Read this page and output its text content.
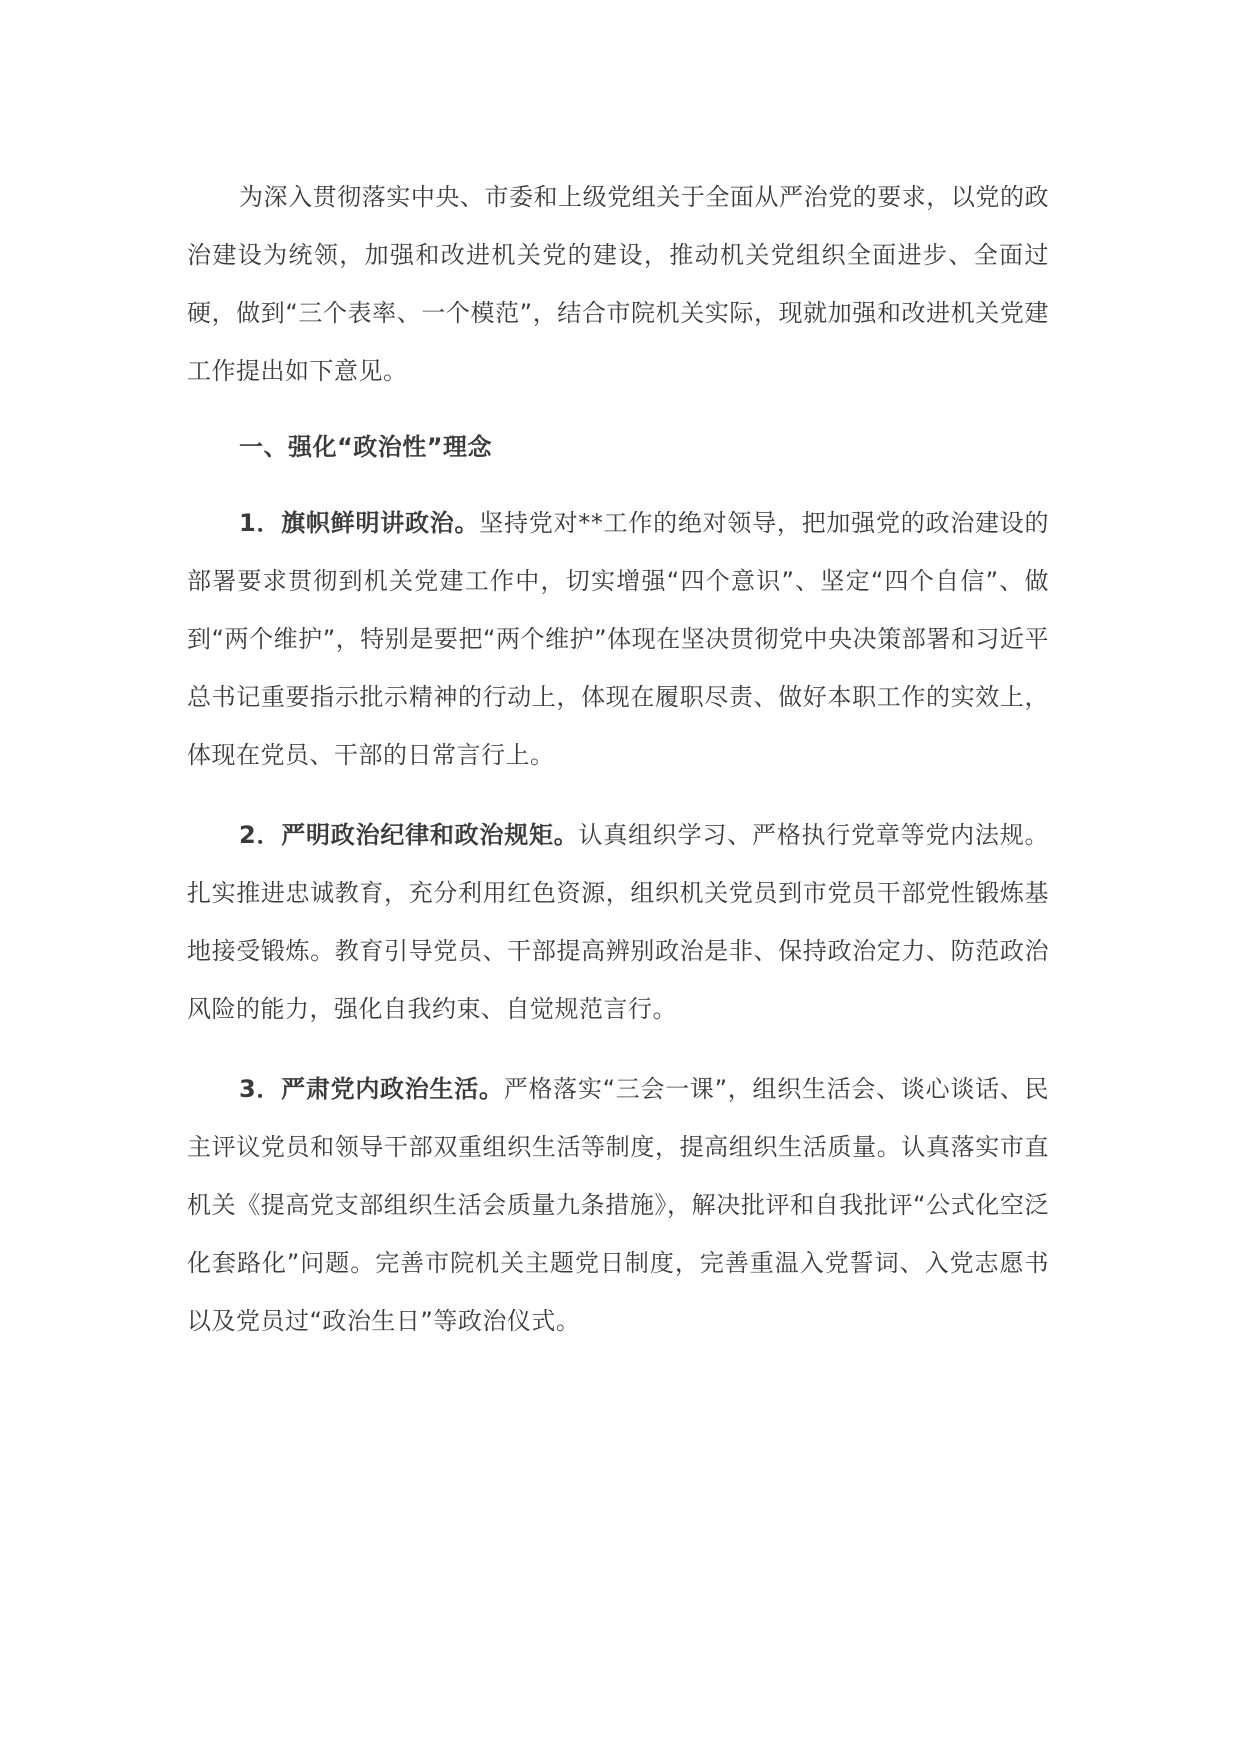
为深入贯彻落实中央、市委和上级党组关于全面从严治党的要求，以党的政治建设为统领，加强和改进机关党的建设，推动机关党组织全面进步、全面过硬，做到“三个表率、一个模范”，结合市院机关实际，现就加强和改进机关党建工作提出如下意见。

一、强化“政治性”理念

1．旗帜鲜明讲政治。坚持党对**工作的绝对领导，把加强党的政治建设的部署要求贯彻到机关党建工作中，切实增强“四个意识”、坚定“四个自信”、做到“两个维护”，特别是要把“两个维护”体现在坚决贯彻党中央决策部署和习近平总书记重要指示批示精神的行动上，体现在履职尽责、做好本职工作的实效上，体现在党员、干部的日常言行上。

2．严明政治纪律和政治规矩。认真组织学习、严格执行党章等党内法规。扎实推进忠诚教育，充分利用红色资源，组织机关党员到市党员干部党性锻炼基地接受锻炼。教育引导党员、干部提高辨别政治是非、保持政治定力、防范政治风险的能力，强化自我约束、自觉规范言行。

3．严肃党内政治生活。严格落实“三会一课”，组织生活会、谈心谈话、民主评议党员和领导干部双重组织生活等制度，提高组织生活质量。认真落实市直机关《提高党支部组织生活会质量九条措施》，解决批评和自我批评“公式化空泛化套路化”问题。完善市院机关主题党日制度，完善重温入党誓词、入党志愿书以及党员过“政治生日”等政治仪式。
